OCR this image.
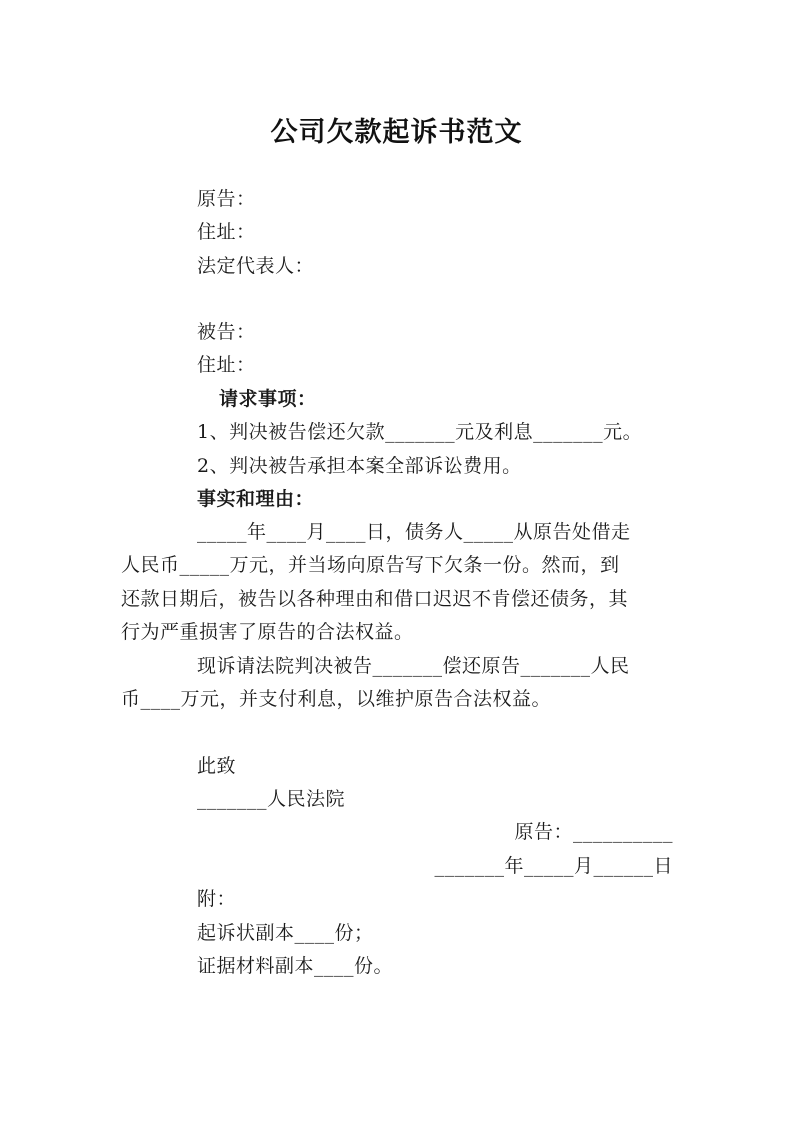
公司欠款起诉书范文
原告：
住址：
法定代表人：
被告：
住址：
请求事项：
1、判决被告偿还欠款_______元及利息_______元。
2、判决被告承担本案全部诉讼费用。
事实和理由：
_____年____月____日，债务人_____从原告处借走
人民币_____万元，并当场向原告写下欠条一份。然而，到
还款日期后，被告以各种理由和借口迟迟不肯偿还债务，其
行为严重损害了原告的合法权益。
现诉请法院判决被告_______偿还原告_______人民
币____万元，并支付利息，以维护原告合法权益。
此致
_______人民法院
原告：__________
_______年_____月______日
附：
起诉状副本____份；
证据材料副本____份。
